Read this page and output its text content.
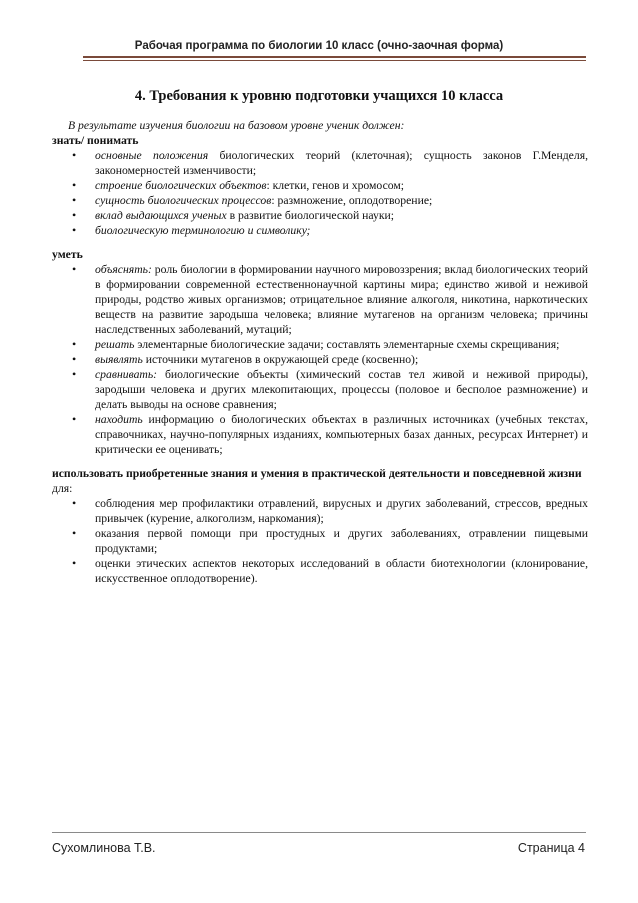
Рабочая программа по биологии 10 класс (очно-заочная форма)
4. Требования к уровню подготовки учащихся 10 класса

В результате изучения биологии на базовом уровне ученик должен:

знать/ понимать

• основные положения биологических теорий (клеточная); сущность законов Г.Менделя, закономерностей изменчивости;
• строение биологических объектов: клетки, генов и хромосом;
• сущность биологических процессов: размножение, оплодотворение;
• вклад выдающихся ученых в развитие биологической науки;
• биологическую терминологию и символику;

уметь

• объяснять: роль биологии в формировании научного мировоззрения; вклад биологических теорий в формировании современной естественнонаучной картины мира; единство живой и неживой природы, родство живых организмов; отрицательное влияние алкоголя, никотина, наркотических веществ на развитие зародыша человека; влияние мутагенов на организм человека; причины наследственных заболеваний, мутаций;
• решать элементарные биологические задачи; составлять элементарные схемы скрещивания;
• выявлять источники мутагенов в окружающей среде (косвенно);
• сравнивать: биологические объекты (химический состав тел живой и неживой природы), зародыши человека и других млекопитающих, процессы (половое и бесполое размножение) и делать выводы на основе сравнения;
• находить информацию о биологических объектах в различных источниках (учебных текстах, справочниках, научно-популярных изданиях, компьютерных базах данных, ресурсах Интернет) и критически ее оценивать;

использовать приобретенные знания и умения в практической деятельности и повседневной жизни для:

• соблюдения мер профилактики отравлений, вирусных и других заболеваний, стрессов, вредных привычек (курение, алкоголизм, наркомания);
• оказания первой помощи при простудных и других заболеваниях, отравлении пищевыми продуктами;
• оценки этических аспектов некоторых исследований в области биотехнологии (клонирование, искусственное оплодотворение).
Сухомлинова Т.В.	Страница 4
